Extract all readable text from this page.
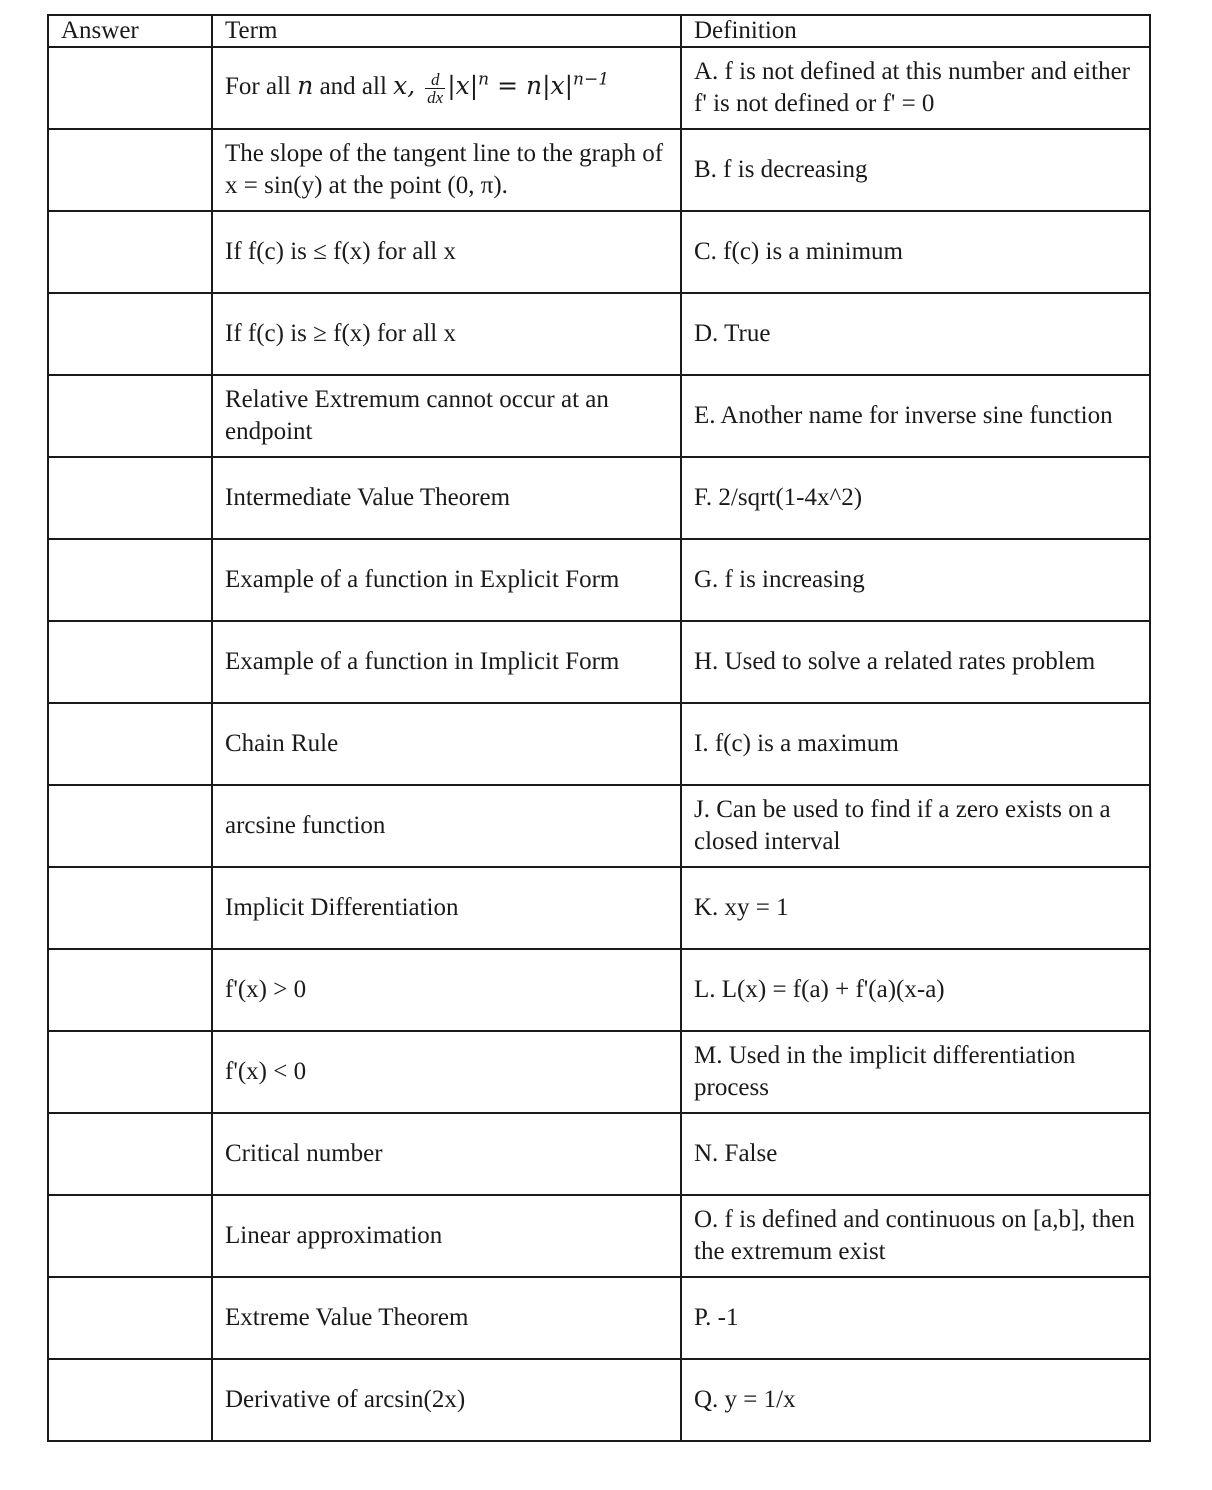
Answer	Term	Definition
	For all n and all x, $\frac{d}{dx} |x|^n = n|x|^{n-1}$	A. f is not defined at this number and either f' is not defined or f' = 0
	The slope of the tangent line to the graph of x = sin(y) at the point (0, π).	B. f is decreasing
	If f(c) is ≤ f(x) for all x	C. f(c) is a minimum
	If f(c) is ≥ f(x) for all x	D. True
	Relative Extremum cannot occur at an endpoint	E. Another name for inverse sine function
	Intermediate Value Theorem	F. 2/sqrt(1-4x^2)
	Example of a function in Explicit Form	G. f is increasing
	Example of a function in Implicit Form	H. Used to solve a related rates problem
	Chain Rule	I. f(c) is a maximum
	arcsine function	J. Can be used to find if a zero exists on a closed interval
	Implicit Differentiation	K. xy = 1
	f'(x) > 0	L. L(x) = f(a) + f'(a)(x-a)
	f'(x) < 0	M. Used in the implicit differentiation process
	Critical number	N. False
	Linear approximation	O. f is defined and continuous on [a,b], then the extremum exist
	Extreme Value Theorem	P. -1
	Derivative of arcsin(2x)	Q. y = 1/x
